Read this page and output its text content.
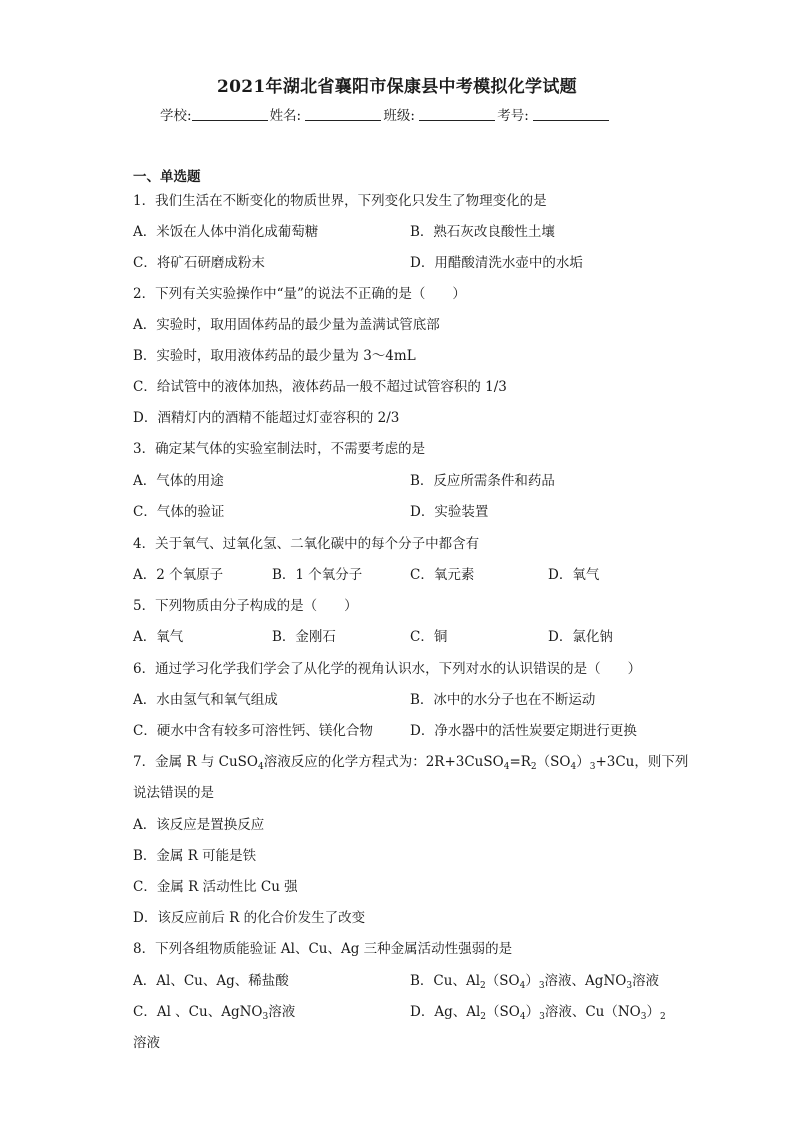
2021年湖北省襄阳市保康县中考模拟化学试题
学校:	姓名:	班级:	考号:
一、单选题
1．我们生活在不断变化的物质世界，下列变化只发生了物理变化的是
A．米饭在人体中消化成葡萄糖	B．熟石灰改良酸性土壤
C．将矿石研磨成粉末	D．用醋酸清洗水壶中的水垢
2．下列有关实验操作中“量”的说法不正确的是（　　）
A．实验时，取用固体药品的最少量为盖满试管底部
B．实验时，取用液体药品的最少量为 3～4mL
C．给试管中的液体加热，液体药品一般不超过试管容积的 1/3
D．酒精灯内的酒精不能超过灯壶容积的 2/3
3．确定某气体的实验室制法时，不需要考虑的是
A．气体的用途	B．反应所需条件和药品
C．气体的验证	D．实验装置
4．关于氧气、过氧化氢、二氧化碳中的每个分子中都含有
A．2 个氧原子	B．1 个氧分子	C．氧元素	D．氧气
5．下列物质由分子构成的是（　　）
A．氧气	B．金刚石	C．铜	D．氯化钠
6．通过学习化学我们学会了从化学的视角认识水，下列对水的认识错误的是（　　）
A．水由氢气和氧气组成	B．冰中的水分子也在不断运动
C．硬水中含有较多可溶性钙、镁化合物	D．净水器中的活性炭要定期进行更换
7．金属 R 与 CuSO$_4$溶液反应的化学方程式为：$2R+3CuSO_4=R_2(SO_4)_3+3Cu$，则下列
说法错误的是
A．该反应是置换反应
B．金属 R 可能是铁
C．金属 R 活动性比 Cu 强
D．该反应前后 R 的化合价发生了改变
8．下列各组物质能验证 Al、Cu、Ag 三种金属活动性强弱的是
A．Al、Cu、Ag、稀盐酸	B．Cu、$Al_2(SO_4)_3$溶液、AgNO$_3$溶液
C．Al 、Cu、AgNO$_3$溶液	D．Ag、$Al_2(SO_4)_3$溶液、$Cu(NO_3)_2$
溶液
